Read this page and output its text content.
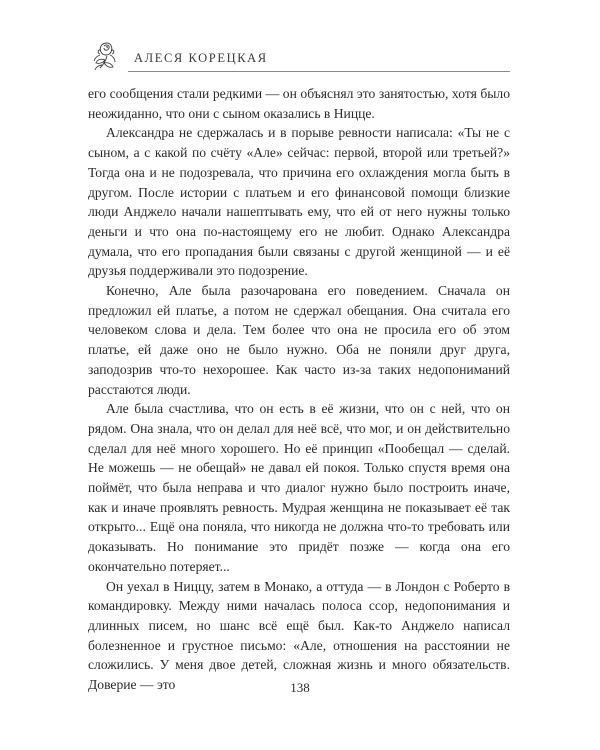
АЛЕСЯ КОРЕЦКАЯ

его сообщения стали редкими — он объяснял это занятостью, хотя было неожиданно, что они с сыном оказались в Ницце.

Александра не сдержалась и в порыве ревности написала: «Ты не с сыном, а с какой по счёту «Але» сейчас: первой, второй или третьей?» Тогда она и не подозревала, что причина его охлаждения могла быть в другом. После истории с платьем и его финансовой помощи близкие люди Анджело начали нашептывать ему, что ей от него нужны только деньги и что она по-настоящему его не любит. Однако Александра думала, что его пропадания были связаны с другой женщиной — и её друзья поддерживали это подозрение.

Конечно, Але была разочарована его поведением. Сначала он предложил ей платье, а потом не сдержал обещания. Она считала его человеком слова и дела. Тем более что она не просила его об этом платье, ей даже оно не было нужно. Оба не поняли друг друга, заподозрив что-то нехорошее. Как часто из-за таких недопониманий расстаются люди.

Але была счастлива, что он есть в её жизни, что он с ней, что он рядом. Она знала, что он делал для неё всё, что мог, и он действительно сделал для неё много хорошего. Но её принцип «Пообещал — сделай. Не можешь — не обещай» не давал ей покоя. Только спустя время она поймёт, что была неправа и что диалог нужно было построить иначе, как и иначе проявлять ревность. Мудрая женщина не показывает её так открыто... Ещё она поняла, что никогда не должна что-то требовать или доказывать. Но понимание это придёт позже — когда она его окончательно потеряет...

Он уехал в Ниццу, затем в Монако, а оттуда — в Лондон с Роберто в командировку. Между ними началась полоса ссор, недопонимания и длинных писем, но шанс всё ещё был. Как-то Анджело написал болезненное и грустное письмо: «Але, отношения на расстоянии не сложились. У меня двое детей, сложная жизнь и много обязательств. Доверие — это	138
